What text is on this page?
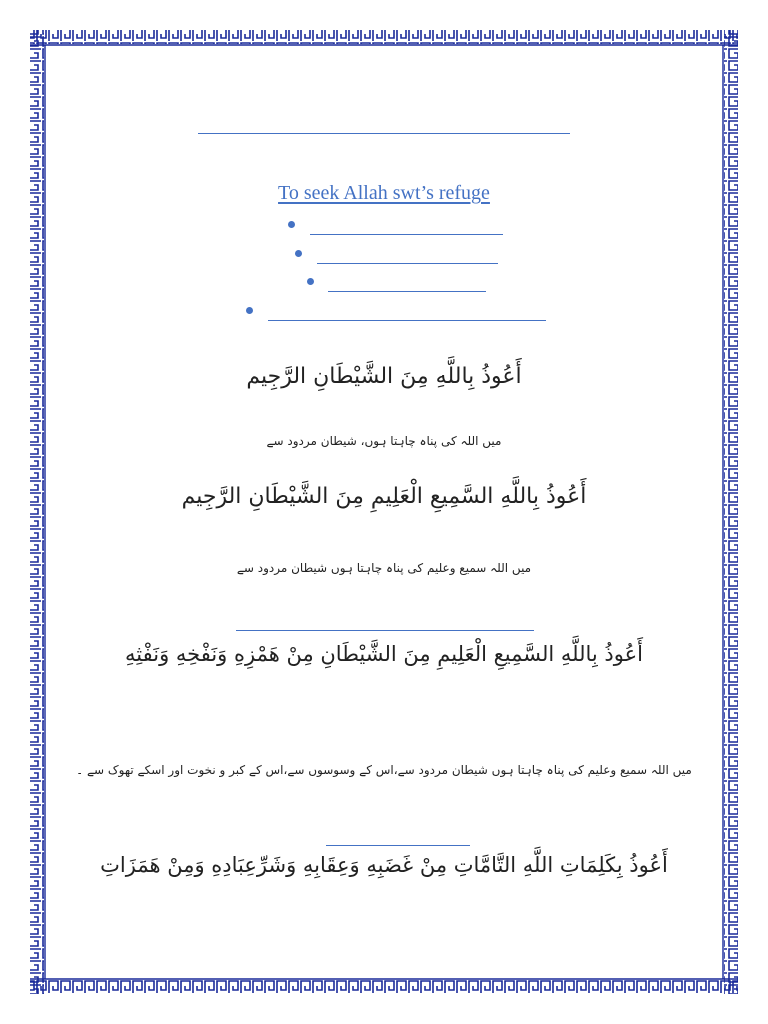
To seek Allah swt’s refuge
أَعُوذُ بِاللَّهِ مِنَ الشَّيْطَانِ الرَّجِيم
میں اللہ کی پناہ چاہتا ہوں، شیطان مردود سے
أَعُوذُ بِاللَّهِ السَّمِيعِ الْعَلِيمِ مِنَ الشَّيْطَانِ الرَّجِيم
میں اللہ سمیع وعلیم کی پناہ چاہتا ہوں شیطان مردود سے
أَعُوذُ بِاللَّهِ السَّمِيعِ الْعَلِيمِ مِنَ الشَّيْطَانِ مِنْ هَمْزِهِ وَنَفْخِهِ وَنَفْثِهِ
میں اللہ سمیع وعلیم کی پناہ چاہتا ہوں شیطان مردود سے،اس کے وسوسوں سے،اس کے کبر و نخوت اور اسکے تھوک سے ۔
أَعُوذُ بِكَلِمَاتِ اللَّهِ التَّامَّاتِ مِنْ غَضَبِهِ وَعِقَابِهِ وَشَرِّعِبَادِهِ وَمِنْ هَمَزَاتِ
